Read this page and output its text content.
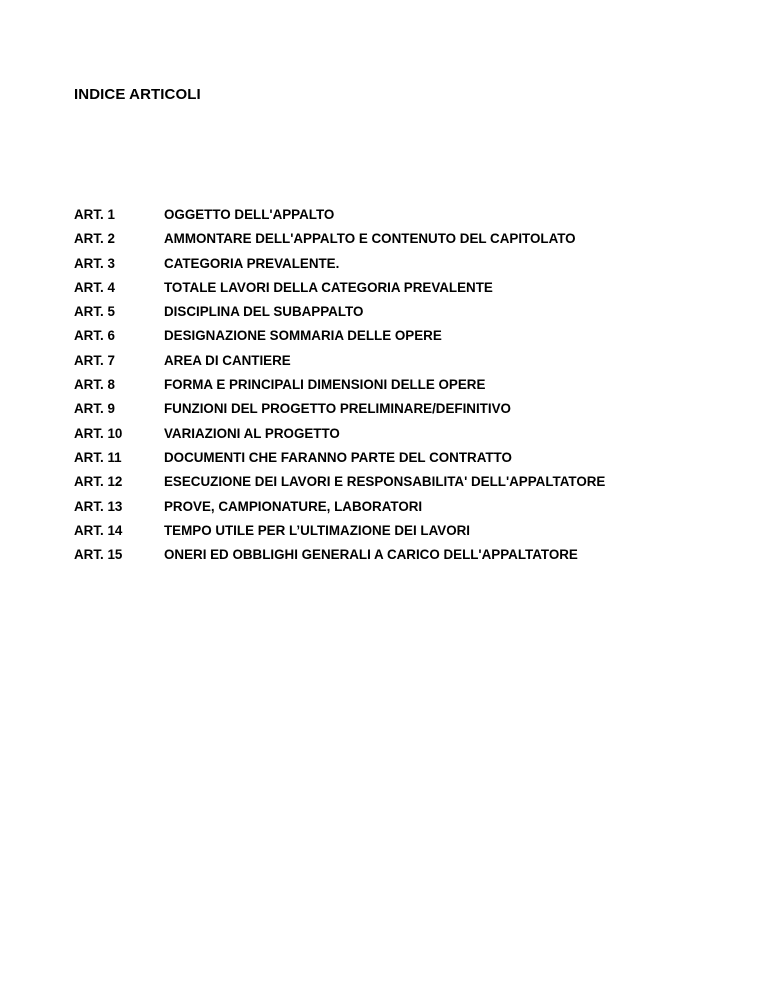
INDICE ARTICOLI
ART. 1	OGGETTO DELL'APPALTO
ART. 2	AMMONTARE DELL'APPALTO E CONTENUTO DEL CAPITOLATO
ART. 3	CATEGORIA PREVALENTE.
ART. 4	TOTALE LAVORI DELLA CATEGORIA PREVALENTE
ART. 5	DISCIPLINA DEL SUBAPPALTO
ART. 6	DESIGNAZIONE SOMMARIA DELLE OPERE
ART. 7	AREA DI CANTIERE
ART. 8	FORMA E PRINCIPALI DIMENSIONI DELLE OPERE
ART. 9	FUNZIONI DEL PROGETTO PRELIMINARE/DEFINITIVO
ART. 10	VARIAZIONI AL PROGETTO
ART. 11	DOCUMENTI CHE FARANNO PARTE DEL CONTRATTO
ART. 12	ESECUZIONE DEI LAVORI E RESPONSABILITA' DELL'APPALTATORE
ART. 13	PROVE, CAMPIONATURE, LABORATORI
ART. 14	TEMPO UTILE PER L’ULTIMAZIONE DEI LAVORI
ART. 15	ONERI ED OBBLIGHI GENERALI A CARICO DELL'APPALTATORE
